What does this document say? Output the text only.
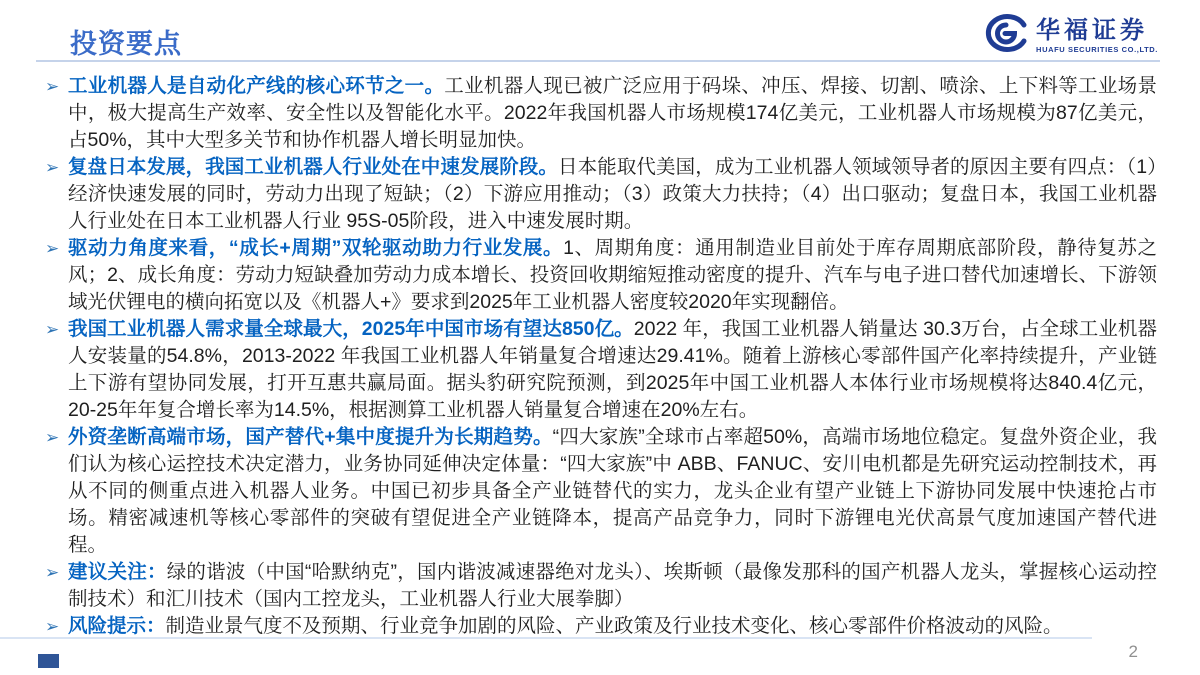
投资要点	华福证券
HUAFU SECURITIES CO.,LTD.
➢ 工业机器人是自动化产线的核心环节之一。工业机器人现已被广泛应用于码垛、冲压、焊接、切割、喷涂、上下料等工业场景中，极大提高生产效率、安全性以及智能化水平。2022年我国机器人市场规模174亿美元，工业机器人市场规模为87亿美元，占50%，其中大型多关节和协作机器人增长明显加快。
➢ 复盘日本发展，我国工业机器人行业处在中速发展阶段。日本能取代美国，成为工业机器人领域领导者的原因主要有四点：（1）经济快速发展的同时，劳动力出现了短缺；（2）下游应用推动；（3）政策大力扶持；（4）出口驱动；复盘日本，我国工业机器人行业处在日本工业机器人行业 95S-05阶段，进入中速发展时期。
➢ 驱动力角度来看，“成长+周期”双轮驱动助力行业发展。1、周期角度：通用制造业目前处于库存周期底部阶段，静待复苏之风；2、成长角度：劳动力短缺叠加劳动力成本增长、投资回收期缩短推动密度的提升、汽车与电子进口替代加速增长、下游领域光伏锂电的横向拓宽以及《机器人+》要求到2025年工业机器人密度较2020年实现翻倍。
➢ 我国工业机器人需求量全球最大，2025年中国市场有望达850亿。2022 年，我国工业机器人销量达 30.3万台，占全球工业机器人安装量的54.8%，2013-2022 年我国工业机器人年销量复合增速达29.41%。随着上游核心零部件国产化率持续提升，产业链上下游有望协同发展，打开互惠共赢局面。据头豹研究院预测，到2025年中国工业机器人本体行业市场规模将达840.4亿元，20-25年年复合增长率为14.5%，根据测算工业机器人销量复合增速在20%左右。
➢ 外资垄断高端市场，国产替代+集中度提升为长期趋势。“四大家族”全球市占率超50%，高端市场地位稳定。复盘外资企业，我们认为核心运控技术决定潜力，业务协同延伸决定体量：“四大家族”中 ABB、FANUC、安川电机都是先研究运动控制技术，再从不同的侧重点进入机器人业务。中国已初步具备全产业链替代的实力，龙头企业有望产业链上下游协同发展中快速抢占市场。精密减速机等核心零部件的突破有望促进全产业链降本，提高产品竞争力，同时下游锂电光伏高景气度加速国产替代进程。
➢ 建议关注：绿的谐波（中国“哈默纳克”，国内谐波减速器绝对龙头）、埃斯顿（最像发那科的国产机器人龙头，掌握核心运动控制技术）和汇川技术（国内工控龙头，工业机器人行业大展拳脚）
➢ 风险提示：制造业景气度不及预期、行业竞争加剧的风险、产业政策及行业技术变化、核心零部件价格波动的风险。
2
